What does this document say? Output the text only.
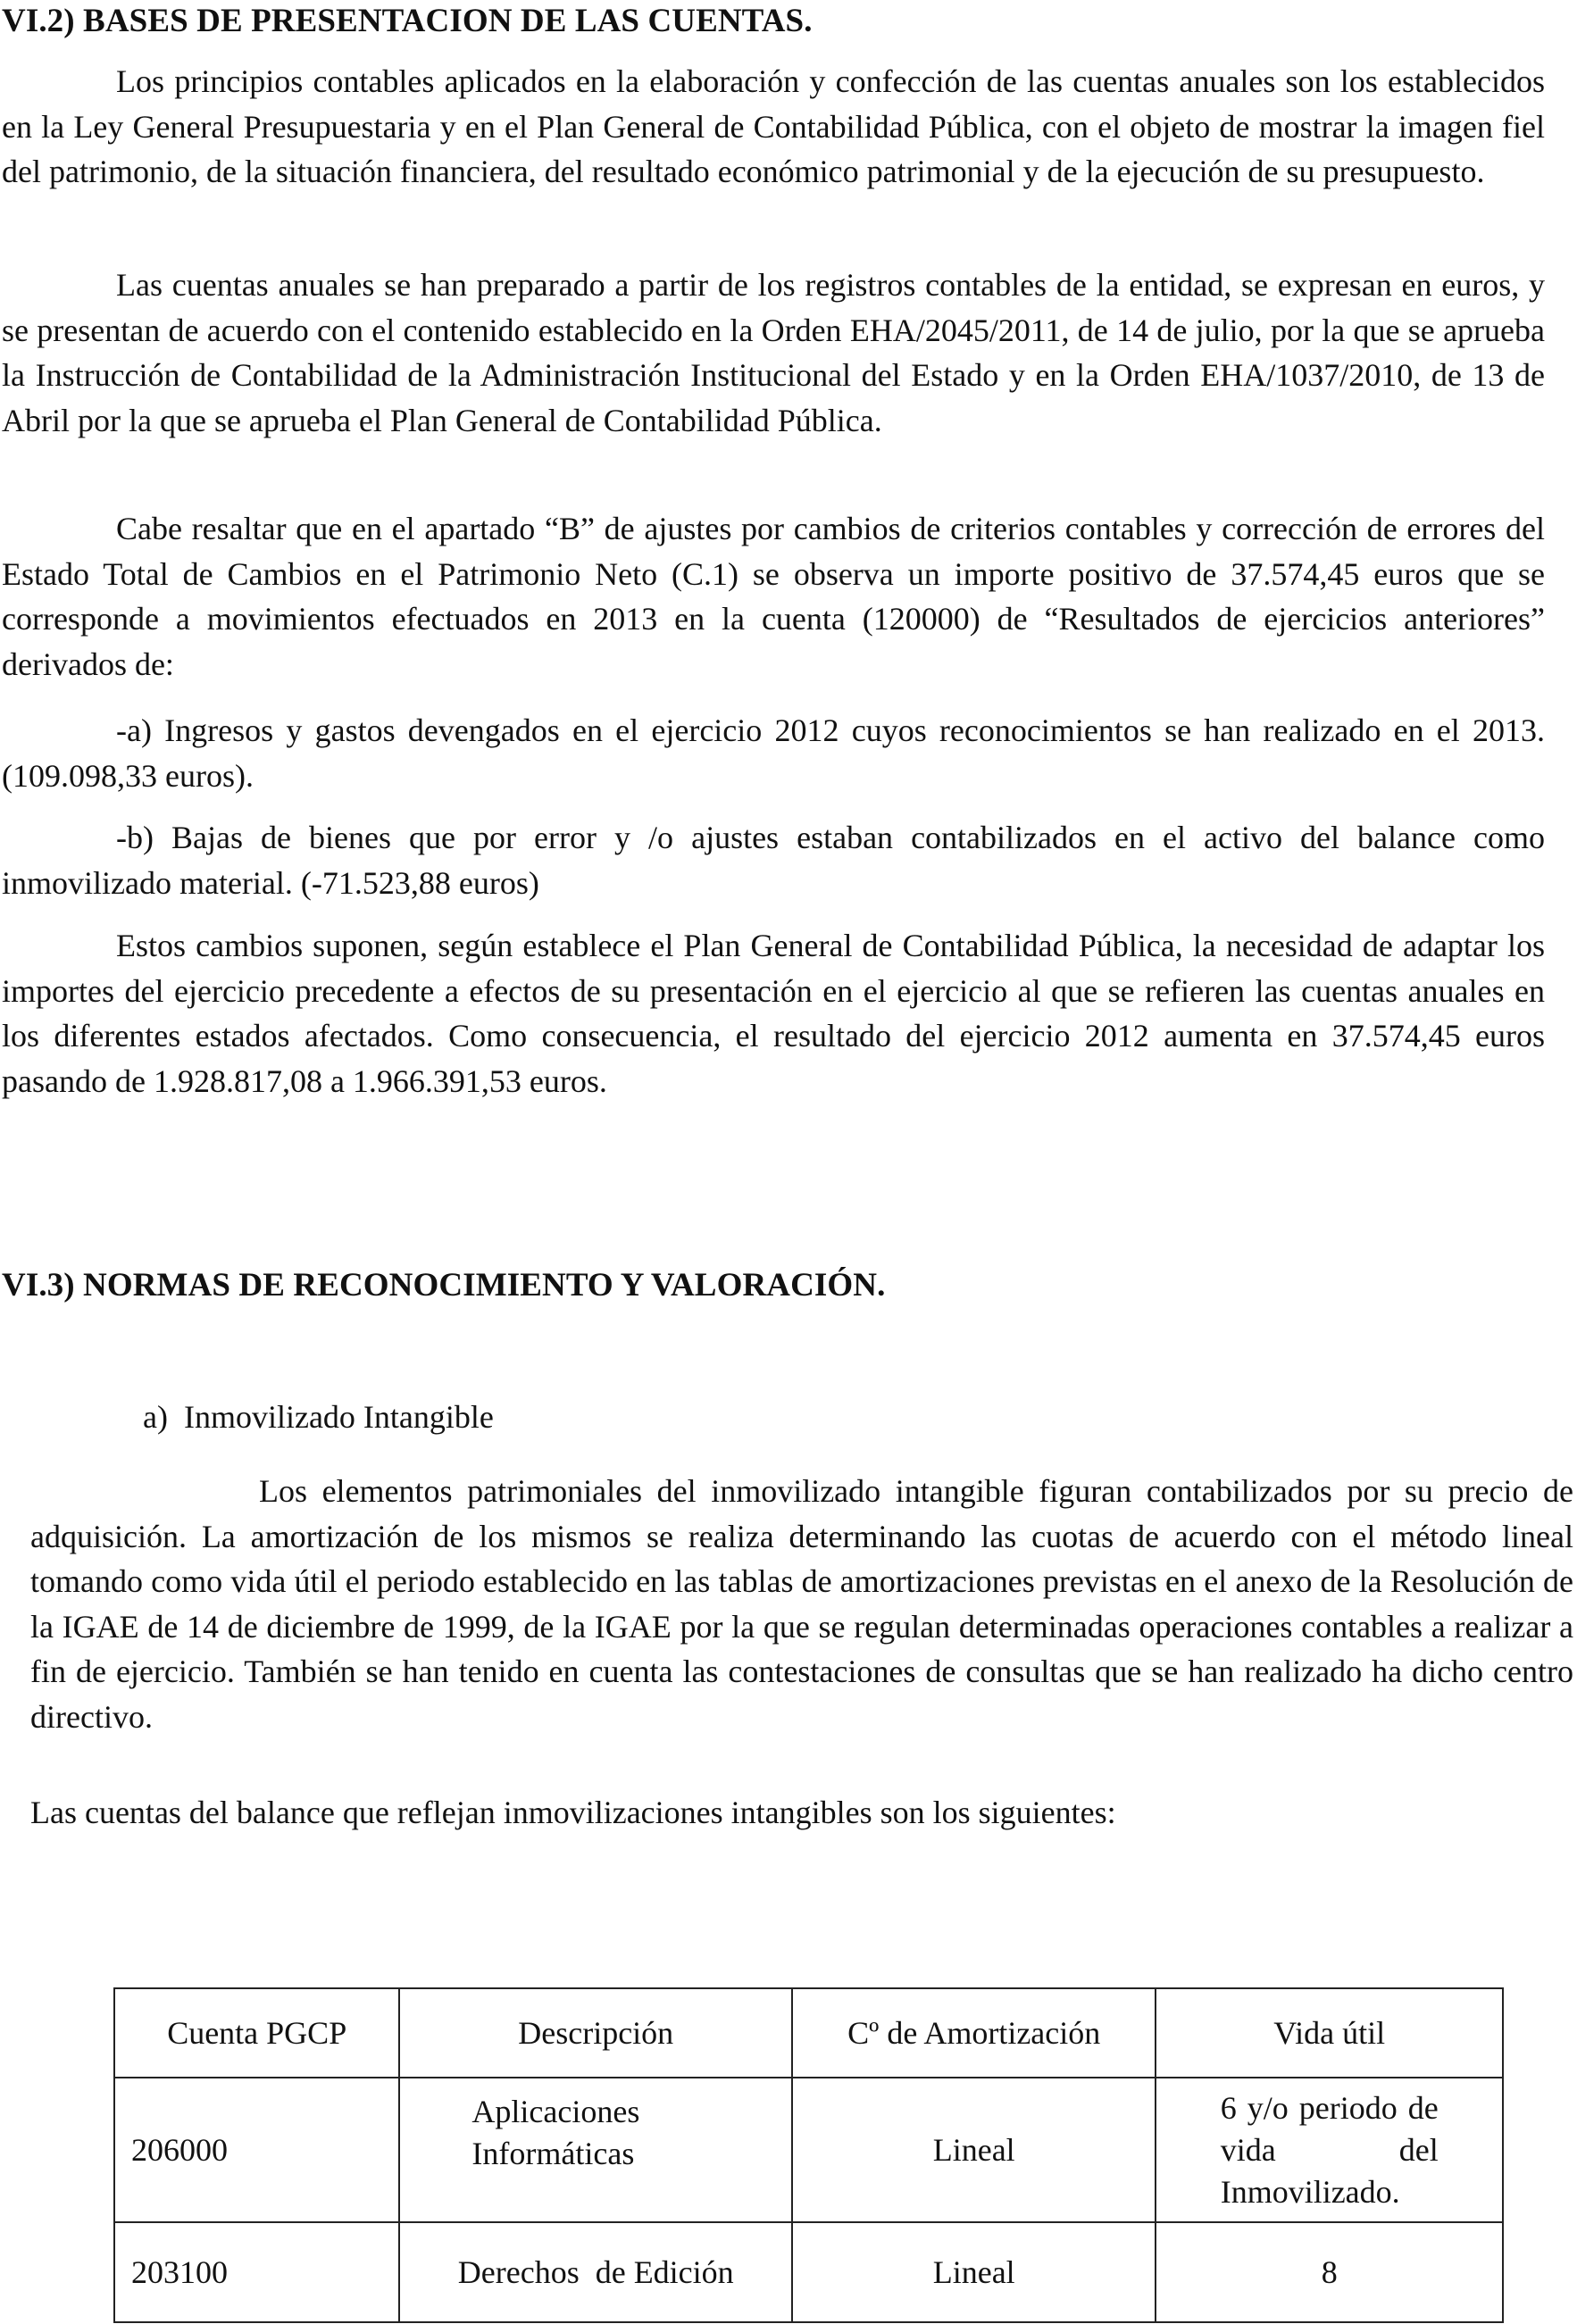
VI.2) BASES DE PRESENTACION DE LAS CUENTAS.

Los principios contables aplicados en la elaboración y confección de las cuentas anuales son los establecidos en la Ley General Presupuestaria y en el Plan General de Contabilidad Pública, con el objeto de mostrar la imagen fiel del patrimonio, de la situación financiera, del resultado económico patrimonial y de la ejecución de su presupuesto.

Las cuentas anuales se han preparado a partir de los registros contables de la entidad, se expresan en euros, y se presentan de acuerdo con el contenido establecido en la Orden EHA/2045/2011, de 14 de julio, por la que se aprueba la Instrucción de Contabilidad de la Administración Institucional del Estado y en la Orden EHA/1037/2010, de 13 de Abril por la que se aprueba el Plan General de Contabilidad Pública.

Cabe resaltar que en el apartado “B” de ajustes por cambios de criterios contables y corrección de errores del Estado Total de Cambios en el Patrimonio Neto (C.1) se observa un importe positivo de 37.574,45 euros que se corresponde a movimientos efectuados en 2013 en la cuenta (120000) de “Resultados de ejercicios anteriores” derivados de:

-a) Ingresos y gastos devengados en el ejercicio 2012 cuyos reconocimientos se han realizado en el 2013. (109.098,33 euros).

-b) Bajas de bienes que por error y /o ajustes estaban contabilizados en el activo del balance como inmovilizado material. (-71.523,88 euros)

Estos cambios suponen, según establece el Plan General de Contabilidad Pública, la necesidad de adaptar los importes del ejercicio precedente a efectos de su presentación en el ejercicio al que se refieren las cuentas anuales en los diferentes estados afectados. Como consecuencia, el resultado del ejercicio 2012 aumenta en 37.574,45 euros pasando de 1.928.817,08 a 1.966.391,53 euros.

VI.3) NORMAS DE RECONOCIMIENTO Y VALORACIÓN.

a)  Inmovilizado Intangible

Los elementos patrimoniales del inmovilizado intangible figuran contabilizados por su precio de adquisición. La amortización de los mismos se realiza determinando las cuotas de acuerdo con el método lineal tomando como vida útil el periodo establecido en las tablas de amortizaciones previstas en el anexo de la Resolución de la IGAE de 14 de diciembre de 1999, de la IGAE por la que se regulan determinadas operaciones contables a realizar a fin de ejercicio. También se han tenido en cuenta las contestaciones de consultas que se han realizado ha dicho centro directivo.

Las cuentas del balance que reflejan inmovilizaciones intangibles son los siguientes:

Cuenta PGCP	Descripción	Cº de Amortización	Vida útil
206000	Aplicaciones Informáticas	Lineal	6 y/o periodo de vida del Inmovilizado.
203100	Derechos  de Edición	Lineal	8
